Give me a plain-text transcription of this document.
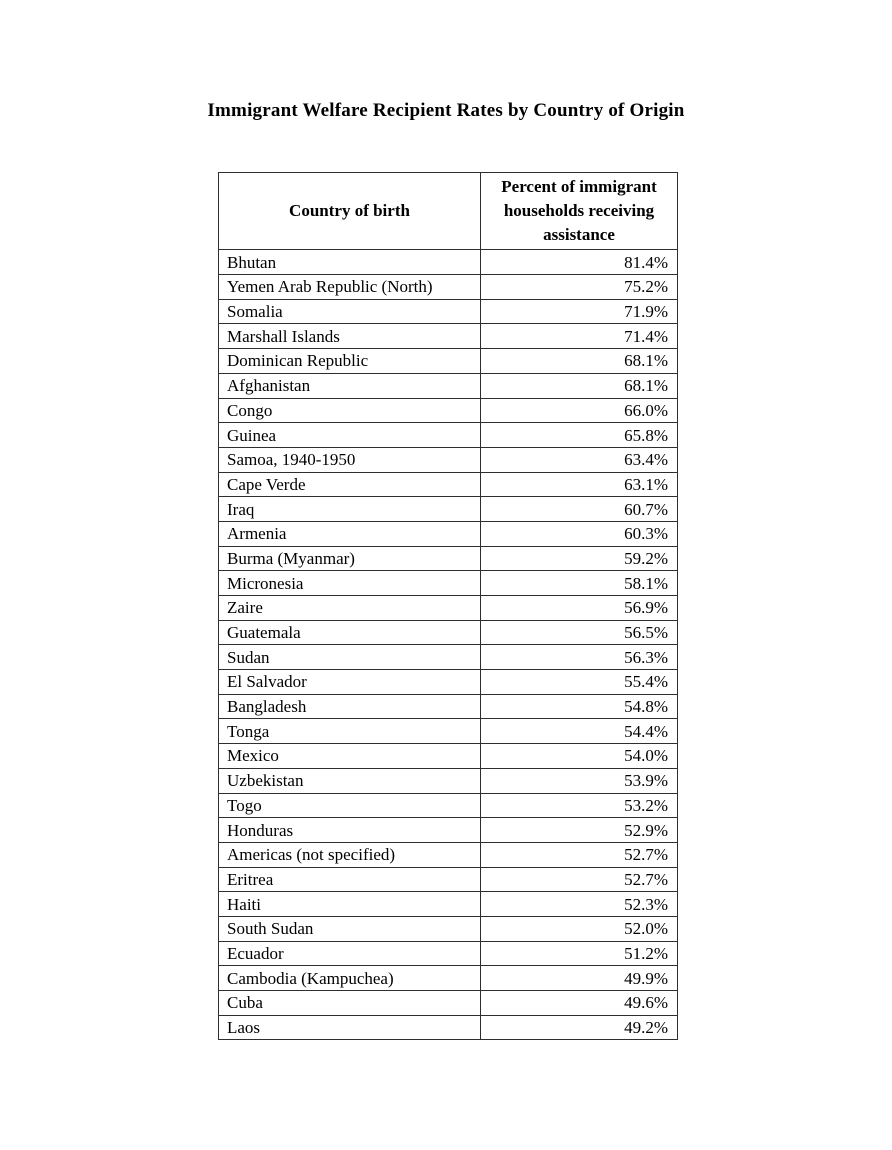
Immigrant Welfare Recipient Rates by Country of Origin
Country of birth	Percent of immigrant households receiving assistance
Bhutan	81.4%
Yemen Arab Republic (North)	75.2%
Somalia	71.9%
Marshall Islands	71.4%
Dominican Republic	68.1%
Afghanistan	68.1%
Congo	66.0%
Guinea	65.8%
Samoa, 1940-1950	63.4%
Cape Verde	63.1%
Iraq	60.7%
Armenia	60.3%
Burma (Myanmar)	59.2%
Micronesia	58.1%
Zaire	56.9%
Guatemala	56.5%
Sudan	56.3%
El Salvador	55.4%
Bangladesh	54.8%
Tonga	54.4%
Mexico	54.0%
Uzbekistan	53.9%
Togo	53.2%
Honduras	52.9%
Americas (not specified)	52.7%
Eritrea	52.7%
Haiti	52.3%
South Sudan	52.0%
Ecuador	51.2%
Cambodia (Kampuchea)	49.9%
Cuba	49.6%
Laos	49.2%
